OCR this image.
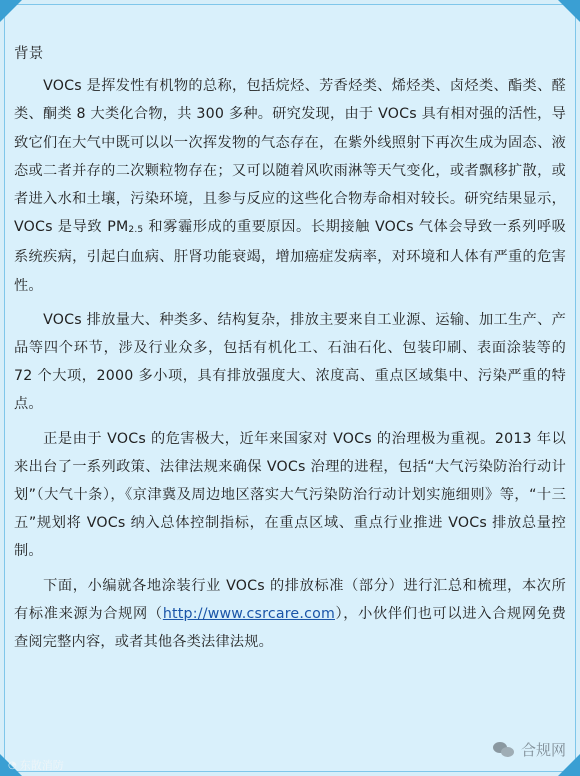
背景

VOCs 是挥发性有机物的总称，包括烷烃、芳香烃类、烯烃类、卤烃类、酯类、醛类、酮类 8 大类化合物，共 300 多种。研究发现，由于 VOCs 具有相对强的活性，导致它们在大气中既可以以一次挥发物的气态存在，在紫外线照射下再次生成为固态、液态或二者并存的二次颗粒物存在；又可以随着风吹雨淋等天气变化，或者飘移扩散，或者进入水和土壤，污染环境，且参与反应的这些化合物寿命相对较长。研究结果显示，VOCs 是导致 $PM_{2.5}$ 和雾霾形成的重要原因。长期接触 VOCs 气体会导致一系列呼吸系统疾病，引起白血病、肝肾功能衰竭，增加癌症发病率，对环境和人体有严重的危害性。

VOCs 排放量大、种类多、结构复杂，排放主要来自工业源、运输、加工生产、产品等四个环节，涉及行业众多，包括有机化工、石油石化、包装印刷、表面涂装等的 72 个大项，2000 多小项，具有排放强度大、浓度高、重点区域集中、污染严重的特点。

正是由于 VOCs 的危害极大，近年来国家对 VOCs 的治理极为重视。2013 年以来出台了一系列政策、法律法规来确保 VOCs 治理的进程，包括“大气污染防治行动计划”（大气十条），《京津冀及周边地区落实大气污染防治行动计划实施细则》等，“十三五”规划将 VOCs 纳入总体控制指标，在重点区域、重点行业推进 VOCs 排放总量控制。

下面，小编就各地涂装行业 VOCs 的排放标准（部分）进行汇总和梳理，本次所有标准来源为合规网（http://www.csrcare.com），小伙伴们也可以进入合规网免费查阅完整内容，或者其他各类法律法规。

合规网
◔ 东散消防
